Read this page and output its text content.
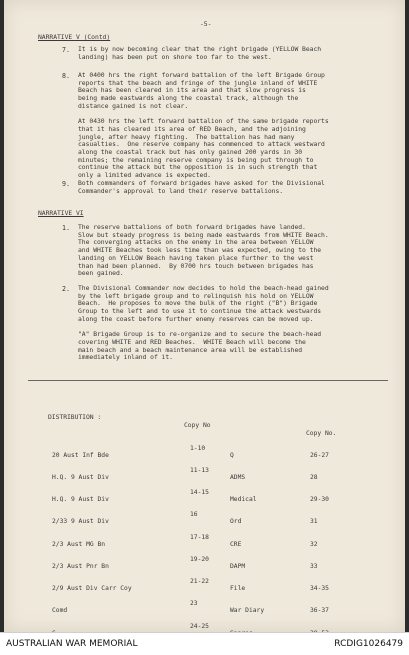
-5-
NARRATIVE V (Contd)
7. It is by now becoming clear that the right brigade (YELLOW Beach
landing) has been put on shore too far to the west.
8. At 0400 hrs the right forward battalion of the left Brigade Group
reports that the beach and fringe of the jungle inland of WHITE
Beach has been cleared in its area and that slow progress is
being made eastwards along the coastal track, although the
distance gained is not clear.

At 0430 hrs the left forward battalion of the same brigade reports
that it has cleared its area of RED Beach, and the adjoining
jungle, after heavy fighting.  The battalion has had many
casualties.  One reserve company has commenced to attack westward
along the coastal track but has only gained 200 yards in 30
minutes; the remaining reserve company is being put through to
continue the attack but the opposition is in such strength that
only a limited advance is expected.
9. Both commanders of forward brigades have asked for the Divisional
Commander's approval to land their reserve battalions.
NARRATIVE VI
1. The reserve battalions of both forward brigades have landed.
Slow but steady progress is being made eastwards from WHITE Beach.
The converging attacks on the enemy in the area between YELLOW
and WHITE Beaches took less time than was expected, owing to the
landing on YELLOW Beach having taken place further to the west
than had been planned.  By 0700 hrs touch between brigades has
been gained.
2. The Divisional Commander now decides to hold the beach-head gained
by the left brigade group and to relinquish his hold on YELLOW
Beach.  He proposes to move the bulk of the right ("B") Brigade
Group to the left and to use it to continue the attack westwards
along the coast before further enemy reserves can be moved up.

"A" Brigade Group is to re-organize and to secure the beach-head
covering WHITE and RED Beaches.  WHITE Beach will become the
main beach and a beach maintenance area will be established
immediately inland of it.
DISTRIBUTION :
Copy No
Copy No.

20 Aust Inf Bde

H.Q. 9 Aust Div

H.Q. 9 Aust Div

2/33 9 Aust Div

2/3 Aust MG Bn

2/3 Aust Pnr Bn

2/9 Aust Div Carr Coy

Comd

1-10

11-13

14-15

16

17-18

19-20

21-22

23

24-25

Q

ADMS

Medical

Ord

CRE

DAPM

File

War Diary

26-27

28

29-30

31

32

33

34-35

36-37

AUSTRALIAN WAR MEMORIAL	RCDIG1026479
